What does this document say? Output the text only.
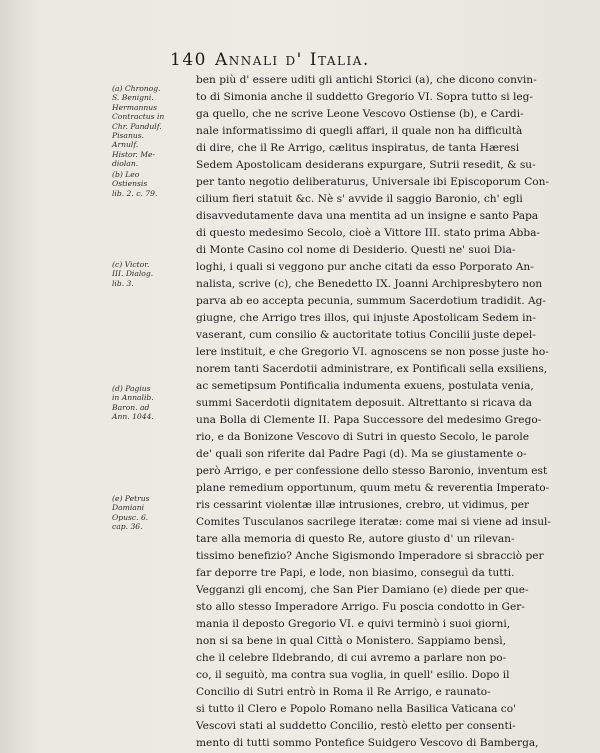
140 Annali d' Italia.
(a) Chronog.
S. Benigni.
Hermannus
Contractus in
Chr. Pandulf.
Pisanus.
Arnulf.
Histor. Me-
diolan.
(b) Leo
Ostiensis
lib. 2. c. 79.
(c) Victor.
III. Dialog.
lib. 3.
(d) Pagius
in Annalib.
Baron. ad
Ann. 1044.
(e) Petrus
Damiani
Opusc. 6.
cap. 36.
ben più d' essere uditi gli antichi Storici (a), che dicono convin-
to di Simonia anche il suddetto Gregorio VI. Sopra tutto si leg-
ga quello, che ne scrive Leone Vescovo Ostiense (b), e Cardi-
nale informatissimo di quegli affari, il quale non ha difficultà
di dire, che il Re Arrigo, cælitus inspiratus, de tanta Hæresi
Sedem Apostolicam desiderans expurgare, Sutrii resedit, & su-
per tanto negotio deliberaturus, Universale ibi Episcoporum Con-
cilium fieri statuit &c. Nè s' avvide il saggio Baronio, ch' egli
disavvedutamente dava una mentita ad un insigne e santo Papa
di questo medesimo Secolo, cioè a Vittore III. stato prima Abba-
di Monte Casino col nome di Desiderio. Questi ne' suoi Dia-
loghi, i quali si veggono pur anche citati da esso Porporato An-
nalista, scrive (c), che Benedetto IX. Joanni Archipresbytero non
parva ab eo accepta pecunia, summum Sacerdotium tradidit. Ag-
giugne, che Arrigo tres illos, qui injuste Apostolicam Sedem in-
vaserant, cum consilio & auctoritate totius Concilii juste depel-
lere instituit, e che Gregorio VI. agnoscens se non posse juste ho-
norem tanti Sacerdotii administrare, ex Pontificali sella exsiliens,
ac semetipsum Pontificalia indumenta exuens, postulata venia,
summi Sacerdotii dignitatem deposuit. Altrettanto si ricava da
una Bolla di Clemente II. Papa Successore del medesimo Grego-
rio, e da Bonizone Vescovo di Sutri in questo Secolo, le parole
de' quali son riferite dal Padre Pagi (d). Ma se giustamente o-
però Arrigo, e per confessione dello stesso Baronio, inventum est
plane remedium opportunum, quum metu & reverentia Imperato-
ris cessarint violentæ illæ intrusiones, crebro, ut vidimus, per
Comites Tusculanos sacrilege iteratæ: come mai si viene ad insul-
tare alla memoria di questo Re, autore giusto d' un rilevan-
tissimo benefizio? Anche Sigismondo Imperadore si sbracciò per
far deporre tre Papi, e lode, non biasimo, conseguì da tutti.
Vegganzi gli encomj, che San Pier Damiano (e) diede per que-
sto allo stesso Imperadore Arrigo. Fu poscia condotto in Ger-
mania il deposto Gregorio VI. e quivi terminò i suoi giorni,
non si sa bene in qual Città o Monistero. Sappiamo bensì,
che il celebre Ildebrando, di cui avremo a parlare non po-
co, il seguitò, ma contra sua voglia, in quell' esilio. Dopo il
Concilio di Sutri entrò in Roma il Re Arrigo, e raunato-
si tutto il Clero e Popolo Romano nella Basilica Vaticana co'
Vescovi stati al suddetto Concilio, restò eletto per consenti-
mento di tutti sommo Pontefice Suidgero Vescovo di Bamberga,
